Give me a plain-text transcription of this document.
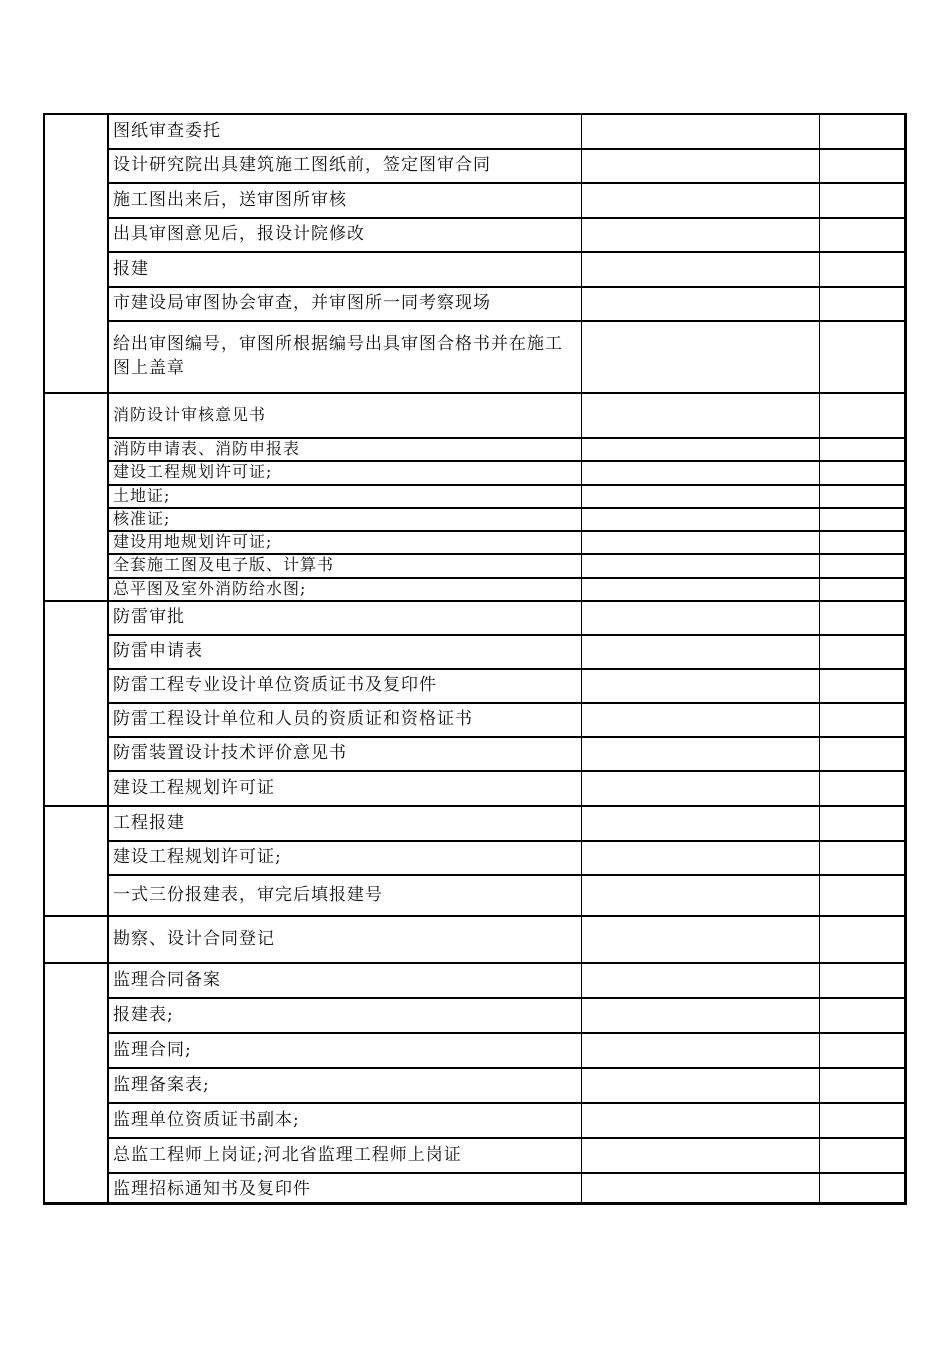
图纸审查委托
设计研究院出具建筑施工图纸前，签定图审合同
施工图出来后，送审图所审核
出具审图意见后，报设计院修改
报建
市建设局审图协会审查，并审图所一同考察现场
给出审图编号，审图所根据编号出具审图合格书并在施工图上盖章
消防设计审核意见书
消防申请表、消防申报表
建设工程规划许可证;
土地证;
核准证;
建设用地规划许可证;
全套施工图及电子版、计算书
总平图及室外消防给水图;
防雷审批
防雷申请表
防雷工程专业设计单位资质证书及复印件
防雷工程设计单位和人员的资质证和资格证书
防雷装置设计技术评价意见书
建设工程规划许可证
工程报建
建设工程规划许可证;
一式三份报建表，审完后填报建号
勘察、设计合同登记
监理合同备案
报建表;
监理合同;
监理备案表;
监理单位资质证书副本;
总监工程师上岗证;河北省监理工程师上岗证
监理招标通知书及复印件
